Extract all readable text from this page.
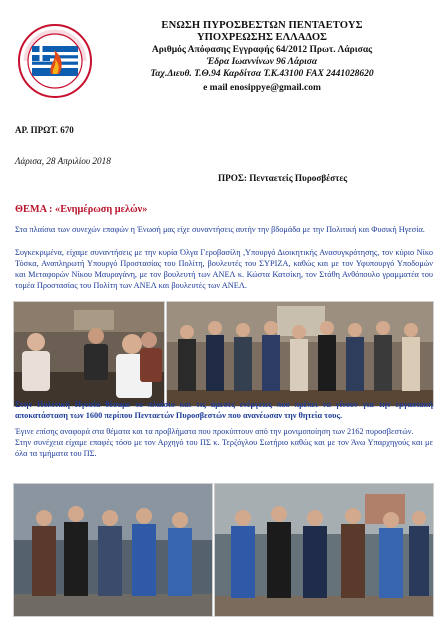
ΕΝΩΣΗ ΠΥΡΟΣΒΕΣΤΩΝ ΠΕΝΤΑΕΤΟΥΣ
ΥΠΟΧΡΕΩΣΗΣ ΕΛΛΑΔΟΣ
Αριθμός Απόφασης Εγγραφής 64/2012 Πρωτ. Λάρισας
Έδρα Ιωαννίνων 96 Λάρισα
Ταχ.Διευθ. Τ.Θ.94 Καρδίτσα Τ.Κ.43100 FAX 2441028620
e mail enosippye@gmail.com
ΑΡ. ΠΡΩΤ. 670
Λάρισα, 28 Απριλίου 2018
ΠΡΟΣ: Πενταετείς Πυροσβέστες
ΘΕΜΑ : «Ενημέρωση μελών»

Στα πλαίσια των συνεχών επαφών η Ένωσή μας είχε συναντήσεις αυτήν την βδομάδα με την Πολιτική και Φυσική Ηγεσία.

Συγκεκριμένα, είχαμε συναντήσεις με την κυρία Όλγα Γεροβασίλη ,Υπουργό Διοικητικής Ανασυγκρότησης, τον κύριο Νίκο Τόσκα, Αναπληρωτή Υπουργό Προστασίας του Πολίτη, βουλευτές του ΣΥΡΙΖΑ, καθώς και με τον Υφυπουργό Υποδομών και Μεταφορών Νίκου Μαυραγάνη, με τον βουλευτή των ΑΝΕΛ κ. Κώστα Κατσίκη, τον Στάθη Ανθόπουλο γραμματέα του τομέα Προστασίας του Πολίτη των ΑΝΕΛ και βουλευτές των ΑΝΕΛ.

Στην Πολιτική Ηγεσία θέσαμε το πλαίσιο και τις άμεσες ενέργειες που πρέπει να γίνουν για την εργασιακή αποκατάσταση των 1600 περίπου Πενταετών Πυροσβεστών που ανανέωσαν την θητεία τους.

Έγινε επίσης αναφορά στα θέματα και τα προβλήματα που προκύπτουν από την μονιμοποίηση των 2162 πυροσβεστών.
Στην συνέχεια είχαμε επαφές τόσο με τον Αρχηγό του ΠΣ κ. Τερζόγλου Σωτήριο καθώς και με τον Άνω Υπαρχηγούς και με όλα τα τμήματα του ΠΣ.
